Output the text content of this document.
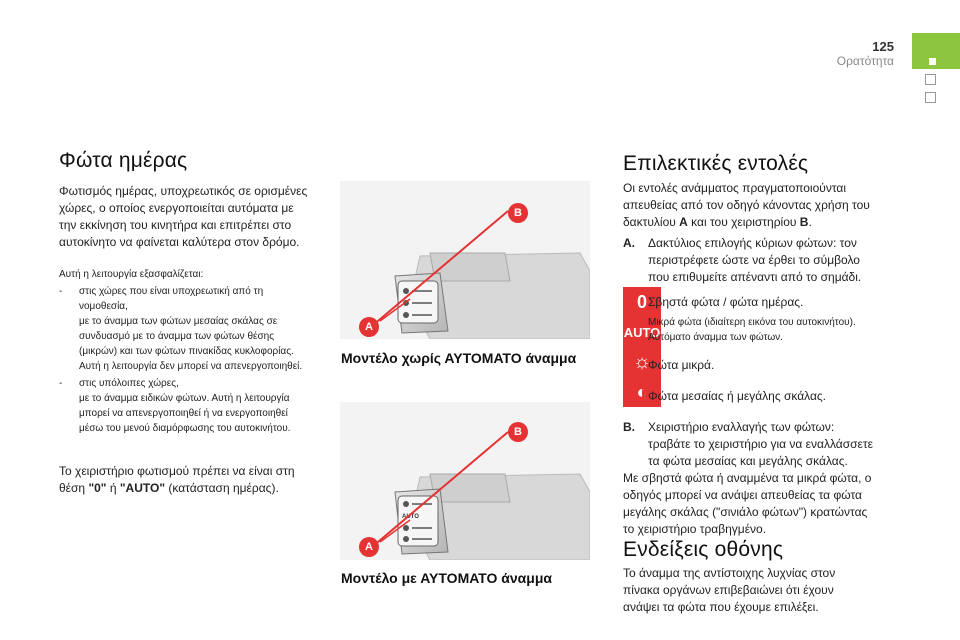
125
Ορατότητα
Φώτα ημέρας
Φωτισμός ημέρας, υποχρεωτικός σε ορισμένες
χώρες, ο οποίος ενεργοποιείται αυτόματα με
την εκκίνηση του κινητήρα και επιτρέπει στο
αυτοκίνητο να φαίνεται καλύτερα στον δρόμο.
Αυτή η λειτουργία εξασφαλίζεται:
- στις χώρες που είναι υποχρεωτική από τη
νομοθεσία,
με το άναμμα των φώτων μεσαίας σκάλας σε
συνδυασμό με το άναμμα των φώτων θέσης
(μικρών) και των φώτων πινακίδας κυκλοφορίας.
Αυτή η λειτουργία δεν μπορεί να απενεργοποιηθεί.
- στις υπόλοιπες χώρες,
με το άναμμα ειδικών φώτων. Αυτή η λειτουργία
μπορεί να απενεργοποιηθεί ή να ενεργοποιηθεί
μέσω του μενού διαμόρφωσης του αυτοκινήτου.
Το χειριστήριο φωτισμού πρέπει να είναι στη
θέση "0" ή "AUTO" (κατάσταση ημέρας).
B
A
Μοντέλο χωρίς ΑΥΤΟΜΑΤΟ άναμμα
AUTO
B
A
Μοντέλο με ΑΥΤΟΜΑΤΟ άναμμα
Επιλεκτικές εντολές
Οι εντολές ανάμματος πραγματοποιούνται
απευθείας από τον οδηγό κάνοντας χρήση του
δακτυλίου A και του χειριστηρίου B.
A. Δακτύλιος επιλογής κύριων φώτων: τον
περιστρέφετε ώστε να έρθει το σύμβολο
που επιθυμείτε απέναντι από το σημάδι.
0
AUTO
☼
◐
Σβηστά φώτα / φώτα ημέρας.
Μικρά φώτα (ιδιαίτερη εικόνα του αυτοκινήτου).
Αυτόματο άναμμα των φώτων.
Φώτα μικρά.
Φώτα μεσαίας ή μεγάλης σκάλας.
B. Χειριστήριο εναλλαγής των φώτων:
τραβάτε το χειριστήριο για να εναλλάσσετε
τα φώτα μεσαίας και μεγάλης σκάλας.
Με σβηστά φώτα ή αναμμένα τα μικρά φώτα, ο
οδηγός μπορεί να ανάψει απευθείας τα φώτα
μεγάλης σκάλας ("σινιάλο φώτων") κρατώντας
το χειριστήριο τραβηγμένο.
Ενδείξεις οθόνης
Το άναμμα της αντίστοιχης λυχνίας στον
πίνακα οργάνων επιβεβαιώνει ότι έχουν
ανάψει τα φώτα που έχουμε επιλέξει.
